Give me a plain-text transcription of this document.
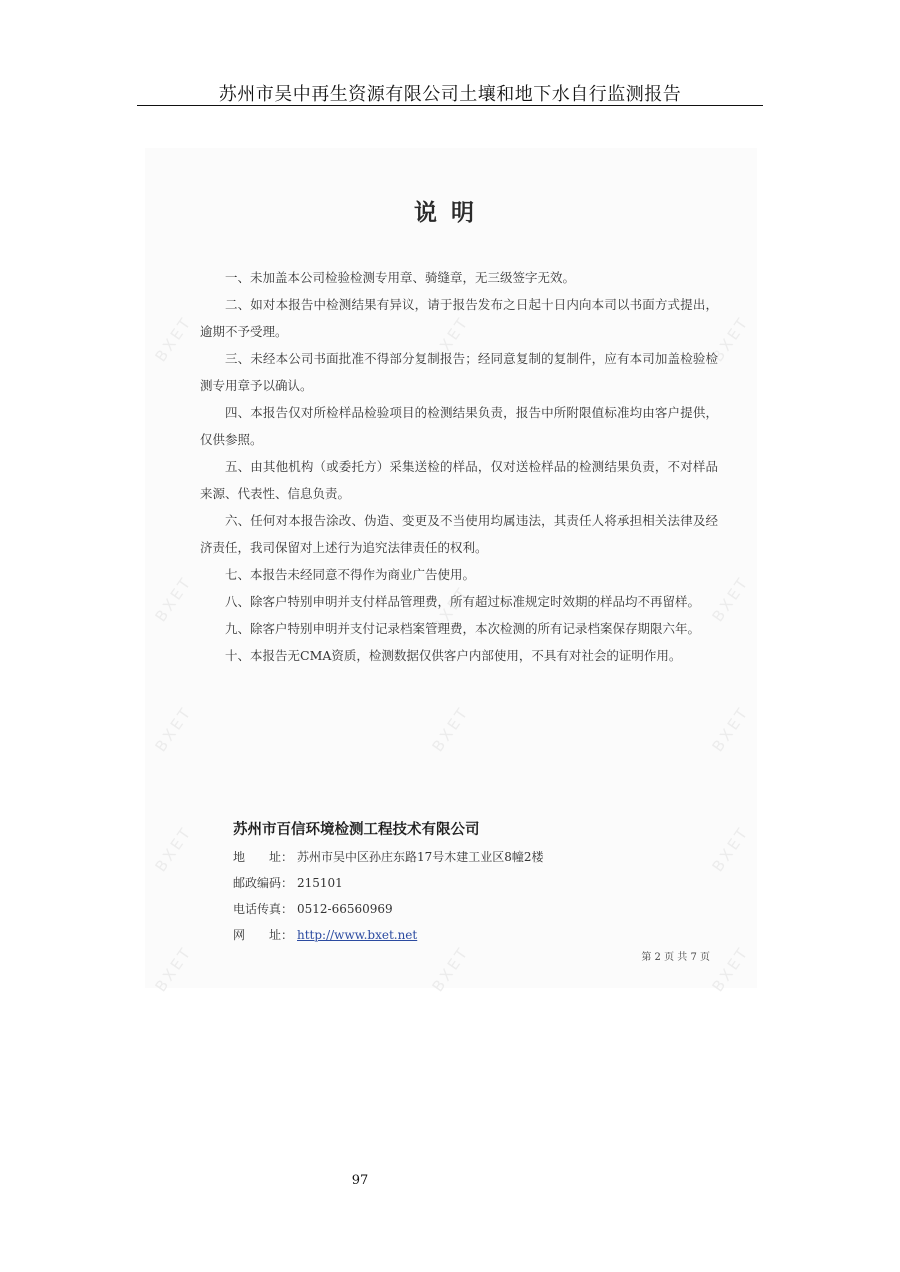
苏州市吴中再生资源有限公司土壤和地下水自行监测报告
BXET	BXET	BXET
BXET	BXET	BXET
BXET	BXET	BXET
BXET	BXET
BXET	BXET	BXET
说明
一、未加盖本公司检验检测专用章、骑缝章，无三级签字无效。
二、如对本报告中检测结果有异议，请于报告发布之日起十日内向本司以书面方式提出，逾期不予受理。
三、未经本公司书面批准不得部分复制报告；经同意复制的复制件，应有本司加盖检验检测专用章予以确认。
四、本报告仅对所检样品检验项目的检测结果负责，报告中所附限值标准均由客户提供，仅供参照。
五、由其他机构（或委托方）采集送检的样品，仅对送检样品的检测结果负责，不对样品来源、代表性、信息负责。
六、任何对本报告涂改、伪造、变更及不当使用均属违法，其责任人将承担相关法律及经济责任，我司保留对上述行为追究法律责任的权利。
七、本报告未经同意不得作为商业广告使用。
八、除客户特别申明并支付样品管理费，所有超过标准规定时效期的样品均不再留样。
九、除客户特别申明并支付记录档案管理费，本次检测的所有记录档案保存期限六年。
十、本报告无CMA资质，检测数据仅供客户内部使用，不具有对社会的证明作用。
苏州市百信环境检测工程技术有限公司
地　　址： 苏州市吴中区孙庄东路17号木建工业区8幢2楼
邮政编码： 215101
电话传真： 0512-66560969
网　　址： http://www.bxet.net
第 2 页 共 7 页
97
